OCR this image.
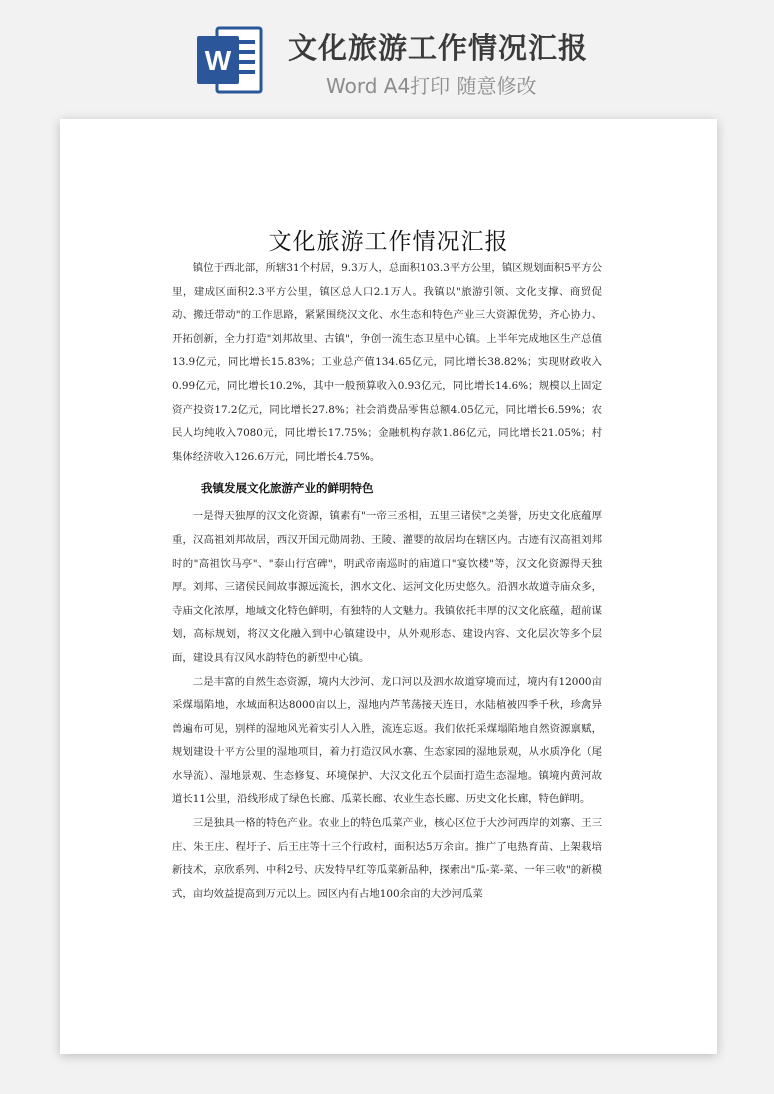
W 文化旅游工作情况汇报
Word A4打印 随意修改
文化旅游工作情况汇报

镇位于西北部，所辖31个村居，9.3万人，总面积103.3平方公里，镇区规划面积5平方公里，建成区面积2.3平方公里，镇区总人口2.1万人。我镇以"旅游引领、文化支撑、商贸促动、搬迁带动"的工作思路，紧紧围绕汉文化、水生态和特色产业三大资源优势，齐心协力、开拓创新，全力打造"刘邦故里、古镇"，争创一流生态卫星中心镇。上半年完成地区生产总值13.9亿元，同比增长15.83%；工业总产值134.65亿元，同比增长38.82%；实现财政收入0.99亿元，同比增长10.2%，其中一般预算收入0.93亿元，同比增长14.6%；规模以上固定资产投资17.2亿元，同比增长27.8%；社会消费品零售总额4.05亿元，同比增长6.59%；农民人均纯收入7080元，同比增长17.75%；金融机构存款1.86亿元，同比增长21.05%；村集体经济收入126.6万元，同比增长4.75%。

我镇发展文化旅游产业的鲜明特色

一是得天独厚的汉文化资源，镇素有"一帝三丞相，五里三诸侯"之美誉，历史文化底蕴厚重，汉高祖刘邦故居，西汉开国元勋周勃、王陵、灌婴的故居均在辖区内。古迹有汉高祖刘邦时的"高祖饮马亭"、"泰山行宫碑"，明武帝南巡时的庙道口"宴饮楼"等，汉文化资源得天独厚。刘邦、三诸侯民间故事源远流长，泗水文化、运河文化历史悠久。沿泗水故道寺庙众多，寺庙文化浓厚，地域文化特色鲜明，有独特的人文魅力。我镇依托丰厚的汉文化底蕴，超前谋划，高标规划，将汉文化融入到中心镇建设中，从外观形态、建设内容、文化层次等多个层面，建设具有汉风水韵特色的新型中心镇。

二是丰富的自然生态资源，境内大沙河、龙口河以及泗水故道穿境而过，境内有12000亩采煤塌陷地，水域面积达8000亩以上，湿地内芦苇荡接天连日，水陆植被四季千秋，珍禽异兽遍布可见，别样的湿地风光着实引人入胜，流连忘返。我们依托采煤塌陷地自然资源禀赋，规划建设十平方公里的湿地项目，着力打造汉风水寨、生态家园的湿地景观，从水质净化（尾水导流）、湿地景观、生态修复、环境保护、大汉文化五个层面打造生态湿地。镇境内黄河故道长11公里，沿线形成了绿色长廊、瓜菜长廊、农业生态长廊、历史文化长廊，特色鲜明。

三是独具一格的特色产业。农业上的特色瓜菜产业，核心区位于大沙河西岸的刘寨、王三庄、朱王庄、程圩子、后王庄等十三个行政村，面积达5万余亩。推广了电热育苗、上架栽培新技术，京欣系列、中科2号、庆发特早红等瓜菜新品种，探索出"瓜-菜-菜、一年三收"的新模式，亩均效益提高到万元以上。园区内有占地100余亩的大沙河瓜菜
